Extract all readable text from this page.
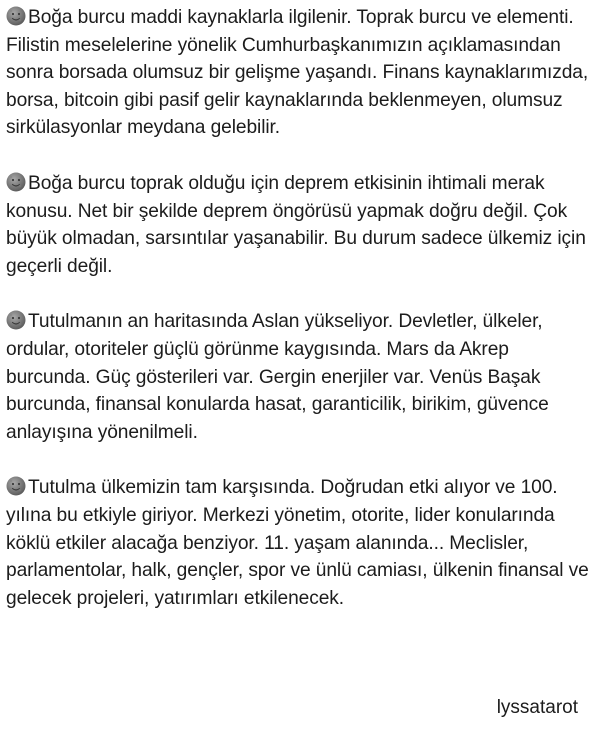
Boğa burcu maddi kaynaklarla ilgilenir. Toprak burcu ve elementi. Filistin meselelerine yönelik Cumhurbaşkanımızın açıklamasından sonra borsada olumsuz bir gelişme yaşandı. Finans kaynaklarımızda, borsa, bitcoin gibi pasif gelir kaynaklarında beklenmeyen, olumsuz sirkülasyonlar meydana gelebilir.

Boğa burcu toprak olduğu için deprem etkisinin ihtimali merak konusu. Net bir şekilde deprem öngörüsü yapmak doğru değil. Çok büyük olmadan, sarsıntılar yaşanabilir. Bu durum sadece ülkemiz için geçerli değil.

Tutulmanın an haritasında Aslan yükseliyor. Devletler, ülkeler, ordular, otoriteler güçlü görünme kaygısında. Mars da Akrep burcunda. Güç gösterileri var. Gergin enerjiler var. Venüs Başak burcunda, finansal konularda hasat, garanticilik, birikim, güvence anlayışına yönenilmeli.

Tutulma ülkemizin tam karşısında. Doğrudan etki alıyor ve 100. yılına bu etkiyle giriyor. Merkezi yönetim, otorite, lider konularında köklü etkiler alacağa benziyor. 11. yaşam alanında... Meclisler, parlamentolar, halk, gençler, spor ve ünlü camiası, ülkenin finansal ve gelecek projeleri, yatırımları etkilenecek.

lyssatarot
